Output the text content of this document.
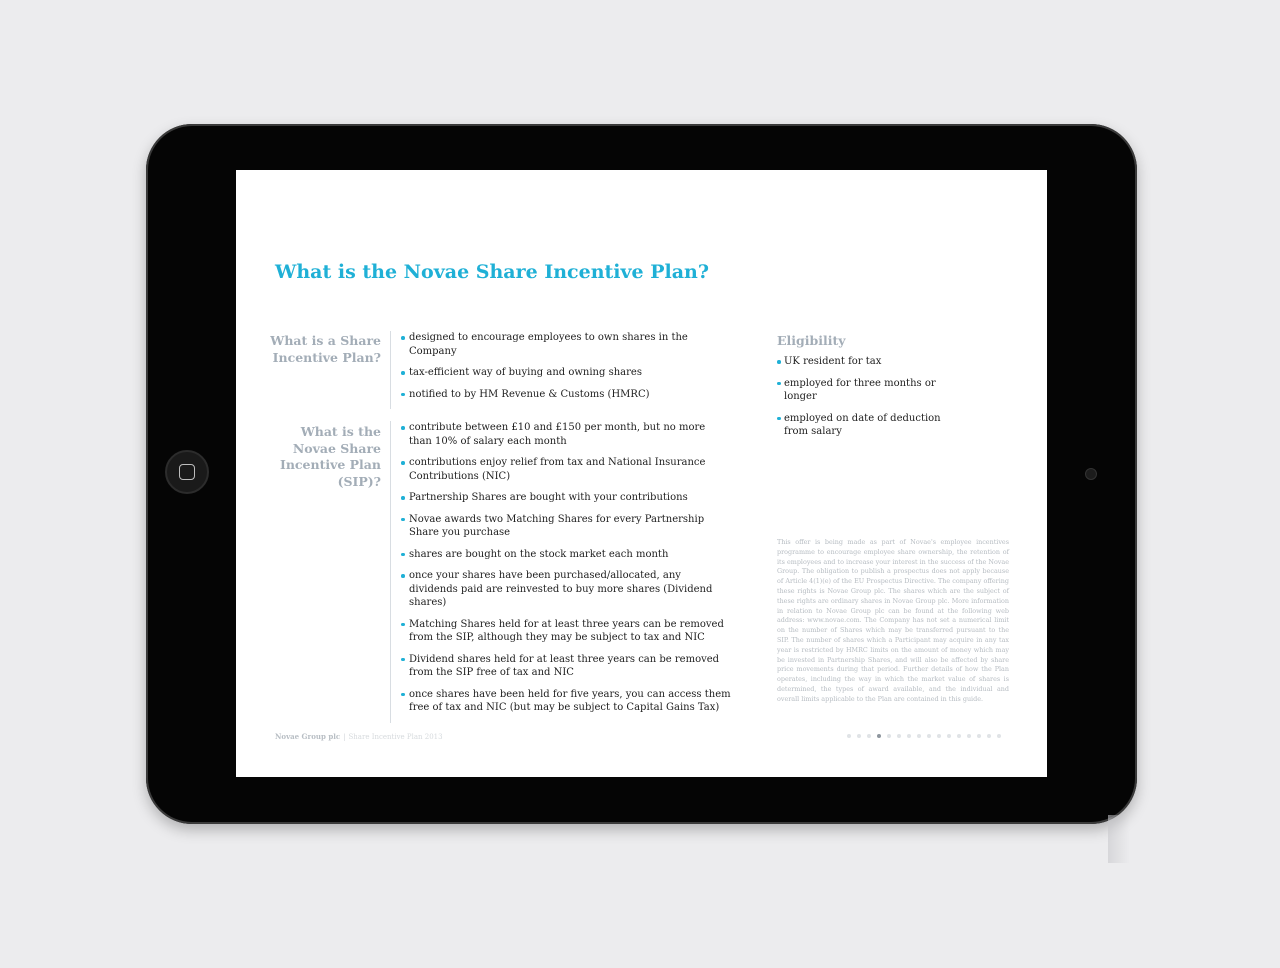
What is the Novae Share Incentive Plan?
What is a Share Incentive Plan?
designed to encourage employees to own shares in the Company
tax-efficient way of buying and owning shares
notified to by HM Revenue & Customs (HMRC)
What is the Novae Share Incentive Plan (SIP)?
contribute between £10 and £150 per month, but no more than 10% of salary each month
contributions enjoy relief from tax and National Insurance Contributions (NIC)
Partnership Shares are bought with your contributions
Novae awards two Matching Shares for every Partnership Share you purchase
shares are bought on the stock market each month
once your shares have been purchased/allocated, any dividends paid are reinvested to buy more shares (Dividend shares)
Matching Shares held for at least three years can be removed from the SIP, although they may be subject to tax and NIC
Dividend shares held for at least three years can be removed from the SIP free of tax and NIC
once shares have been held for five years, you can access them free of tax and NIC (but may be subject to Capital Gains Tax)
Eligibility
UK resident for tax
employed for three months or longer
employed on date of deduction from salary

This offer is being made as part of Novae's employee incentives programme to encourage employee share ownership, the retention of its employees and to increase your interest in the success of the Novae Group. The obligation to publish a prospectus does not apply because of Article 4(1)(e) of the EU Prospectus Directive. The company offering these rights is Novae Group plc. The shares which are the subject of these rights are ordinary shares in Novae Group plc. More information in relation to Novae Group plc can be found at the following web address: www.novae.com. The Company has not set a numerical limit on the number of Shares which may be transferred pursuant to the SIP. The number of shares which a Participant may acquire in any tax year is restricted by HMRC limits on the amount of money which may be invested in Partnership Shares, and will also be affected by share price movements during that period. Further details of how the Plan operates, including the way in which the market value of shares is determined, the types of award available, and the individual and overall limits applicable to the Plan are contained in this guide.

Novae Group plc | Share Incentive Plan 2013
